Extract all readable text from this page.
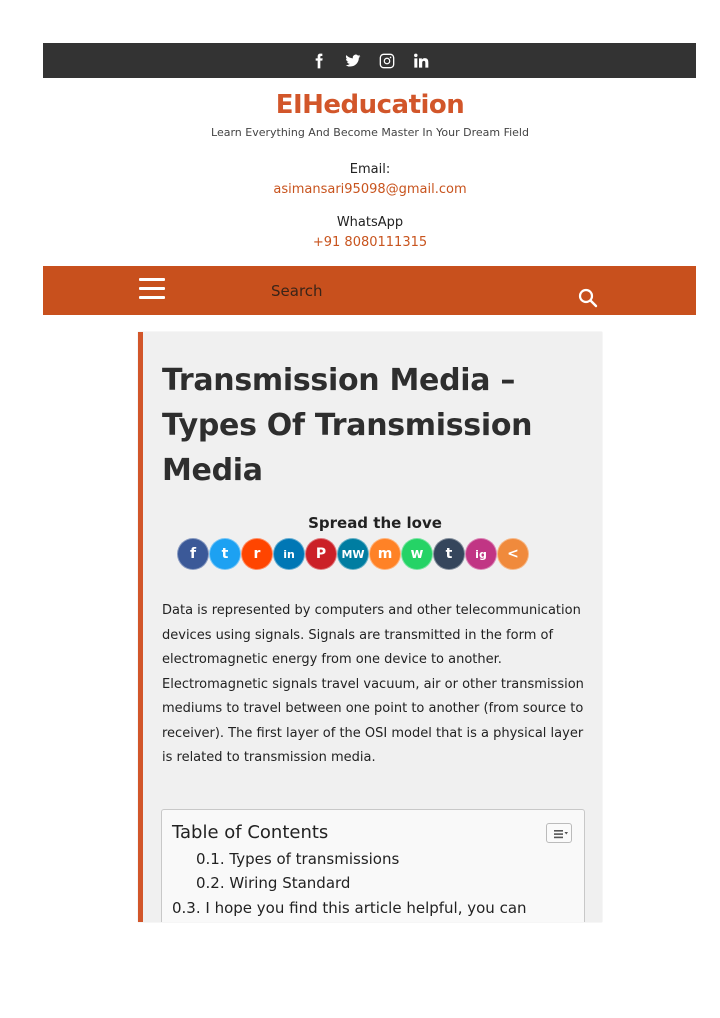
EIHeducation
Learn Everything And Become Master In Your Dream Field
Email:
asimansari95098@gmail.com
WhatsApp
+91 8080111315
Search
Transmission Media – Types Of Transmission Media
Spread the love
f	t	r	in	P	MW m	w	t	ig	<
Data is represented by computers and other telecommunication devices using signals. Signals are transmitted in the form of electromagnetic energy from one device to another. Electromagnetic signals travel vacuum, air or other transmission mediums to travel between one point to another (from source to receiver). The first layer of the OSI model that is a physical layer is related to transmission media.
Table of Contents
0.1. Types of transmissions
0.2. Wiring Standard
0.3. I hope you find this article helpful, you can
